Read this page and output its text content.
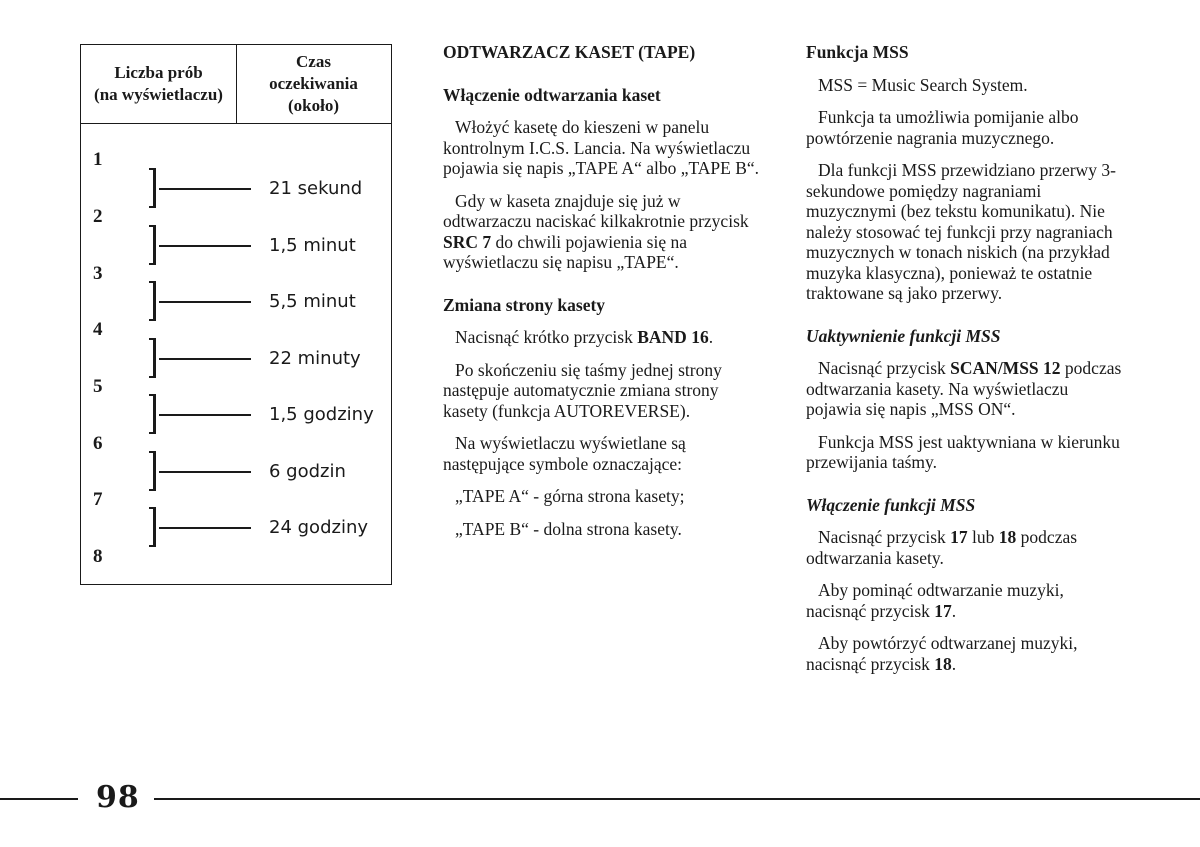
Liczba prób
(na wyświetlaczu)
Czas
oczekiwania
(około)
1
2
3
4
5
6
7
8
21 sekund
1,5 minut
5,5 minut
22 minuty
1,5 godziny
6 godzin
24 godziny

ODTWARZACZ KASET (TAPE)

Włączenie odtwarzania kaset

Włożyć kasetę do kieszeni w panelu kontrolnym I.C.S. Lancia. Na wyświetlaczu pojawia się napis „TAPE A“ albo „TAPE B“.

Gdy w kaseta znajduje się już w odtwarzaczu naciskać kilkakrotnie przycisk SRC 7 do chwili pojawienia się na wyświetlaczu się napisu „TAPE“.

Zmiana strony kasety

Nacisnąć krótko przycisk BAND 16.

Po skończeniu się taśmy jednej strony następuje automatycznie zmiana strony kasety (funkcja AUTOREVERSE).

Na wyświetlaczu wyświetlane są następujące symbole oznaczające:

„TAPE A“ - górna strona kasety;

„TAPE B“ - dolna strona kasety.

Funkcja MSS

MSS = Music Search System.

Funkcja ta umożliwia pomijanie albo powtórzenie nagrania muzycznego.

Dla funkcji MSS przewidziano przerwy 3-sekundowe pomiędzy nagraniami muzycznymi (bez tekstu komunikatu). Nie należy stosować tej funkcji przy nagraniach muzycznych w tonach niskich (na przykład muzyka klasyczna), ponieważ te ostatnie traktowane są jako przerwy.

Uaktywnienie funkcji MSS

Nacisnąć przycisk SCAN/MSS 12 podczas odtwarzania kasety. Na wyświetlaczu pojawia się napis „MSS ON“.

Funkcja MSS jest uaktywniana w kierunku przewijania taśmy.

Włączenie funkcji MSS

Nacisnąć przycisk 17 lub 18 podczas odtwarzania kasety.

Aby pominąć odtwarzanie muzyki, nacisnąć przycisk 17.

Aby powtórzyć odtwarzanej muzyki, nacisnąć przycisk 18.

98
